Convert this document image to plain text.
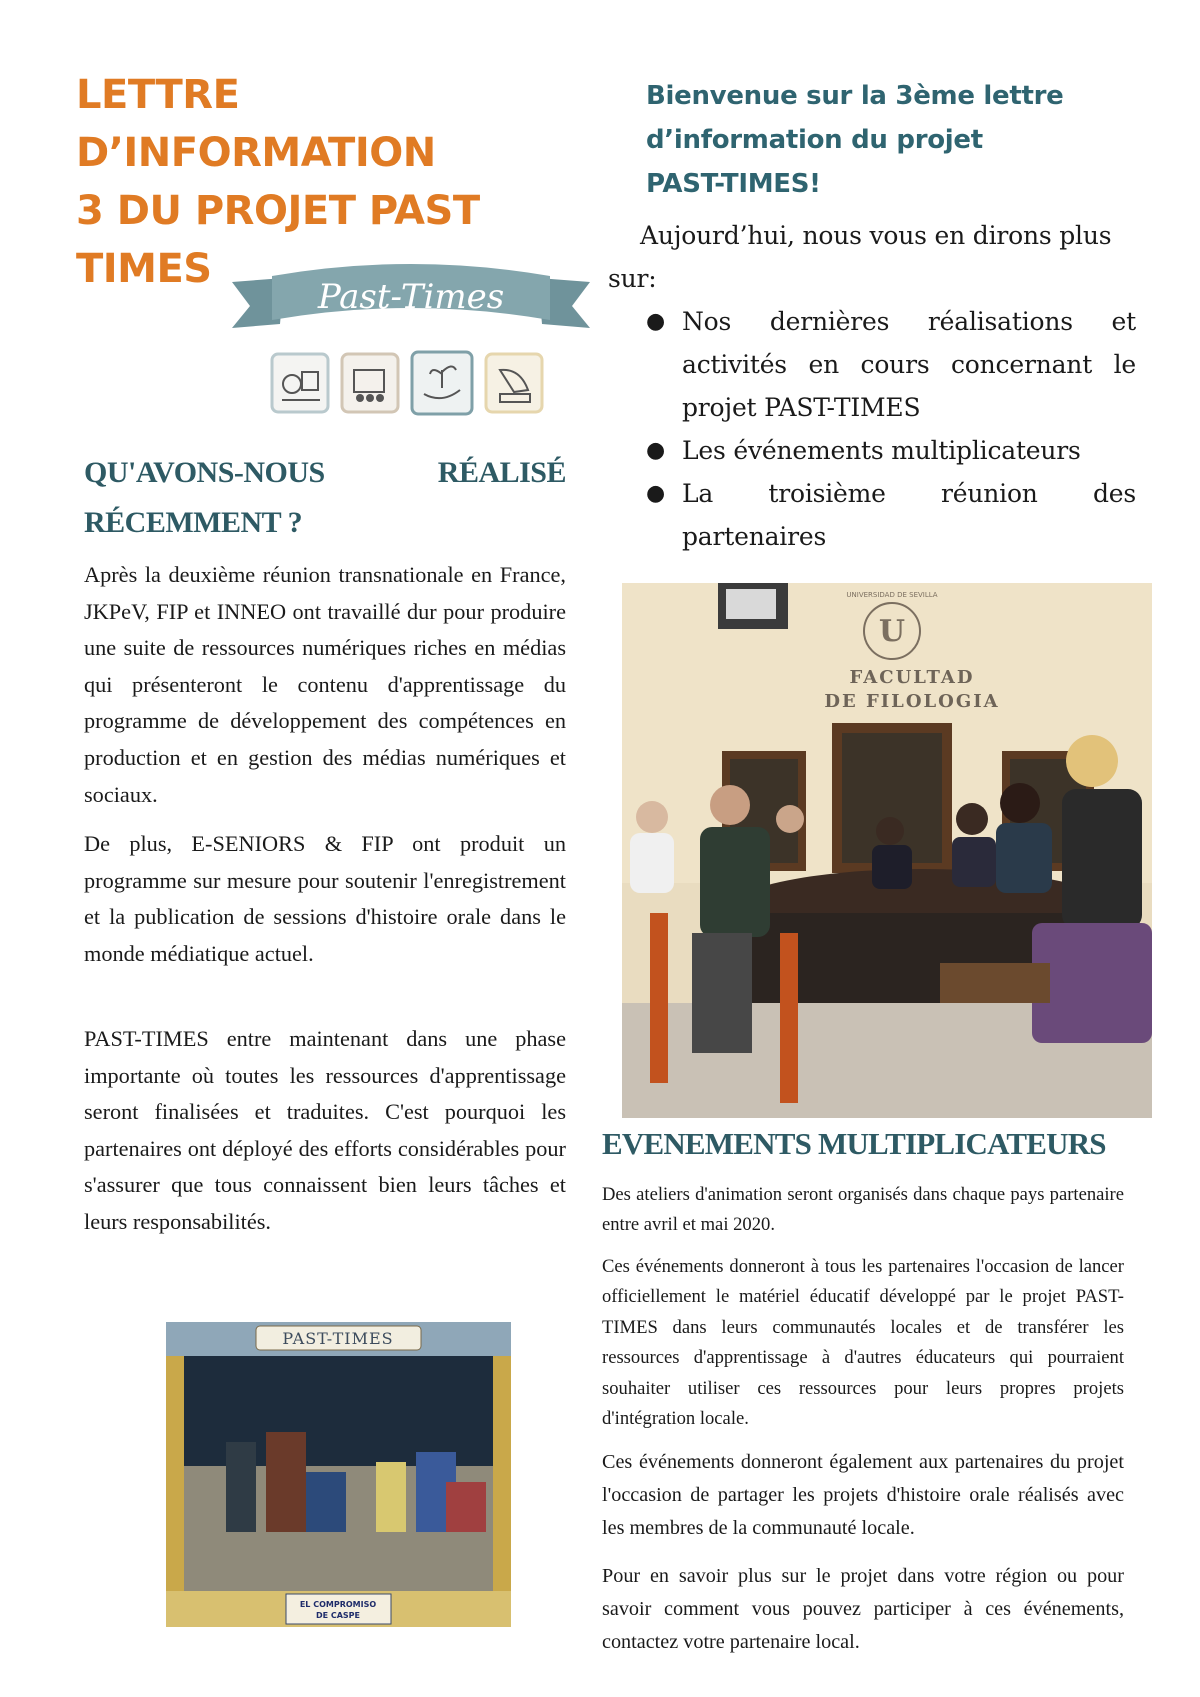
LETTRE D’INFORMATION
3 DU PROJET PAST TIMES

Bienvenue sur la 3ème lettre d’information du projet PAST-TIMES!

Aujourd’hui, nous vous en dirons plus sur:

● Nos dernières réalisations et activités en cours concernant le projet PAST-TIMES
● Les événements multiplicateurs
● La troisième réunion des partenaires
Past-Times
QU'AVONS-NOUS	RÉALISÉ
RÉCEMMENT ?

Après la deuxième réunion transnationale en France, JKPeV, FIP et INNEO ont travaillé dur pour produire une suite de ressources numériques riches en médias qui présenteront le contenu d'apprentissage du programme de développement des compétences en production et en gestion des médias numériques et sociaux.

De plus, E-SENIORS & FIP ont produit un programme sur mesure pour soutenir l'enregistrement et la publication de sessions d'histoire orale dans le monde médiatique actuel.

PAST-TIMES entre maintenant dans une phase importante où toutes les ressources d'apprentissage seront finalisées et traduites. C'est pourquoi les partenaires ont déployé des efforts considérables pour s'assurer que tous connaissent bien leurs tâches et leurs responsabilités.

U
UNIVERSIDAD DE SEVILLA
FACULTAD
DE FILOLOGIA
PAST-TIMES
EL COMPROMISO
DE CASPE
EVENEMENTS MULTIPLICATEURS

Des ateliers d'animation seront organisés dans chaque pays partenaire entre avril et mai 2020.

Ces événements donneront à tous les partenaires l'occasion de lancer officiellement le matériel éducatif développé par le projet PAST-TIMES dans leurs communautés locales et de transférer les ressources d'apprentissage à d'autres éducateurs qui pourraient souhaiter utiliser ces ressources pour leurs propres projets d'intégration locale.

Ces événements donneront également aux partenaires du projet l'occasion de partager les projets d'histoire orale réalisés avec les membres de la communauté locale.

Pour en savoir plus sur le projet dans votre région ou pour savoir comment vous pouvez participer à ces événements, contactez votre partenaire local.
